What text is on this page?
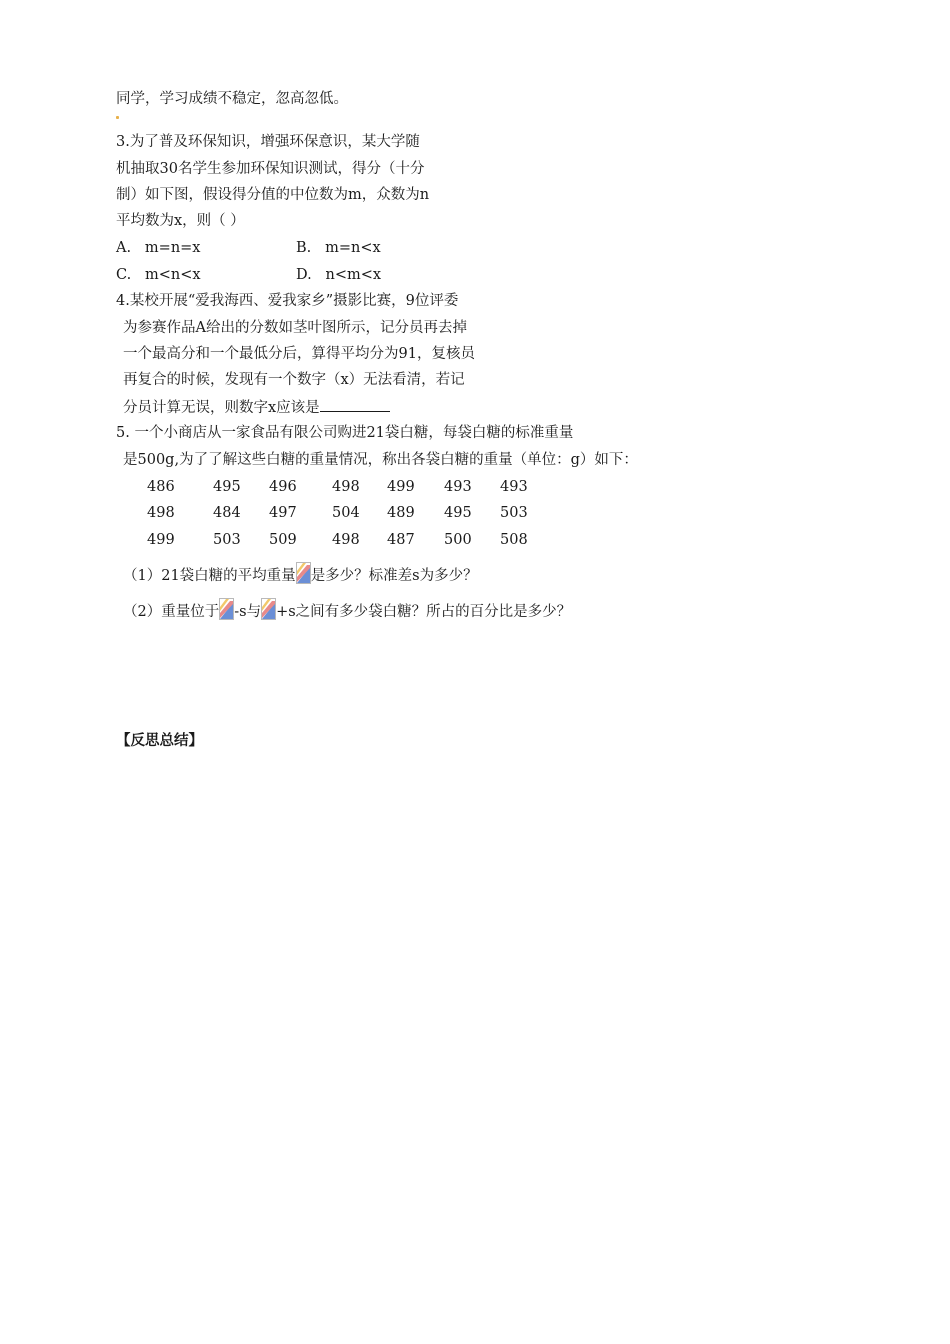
同学，学习成绩不稳定，忽高忽低。
3.为了普及环保知识，增强环保意识，某大学随
机抽取30名学生参加环保知识测试，得分（十分
制）如下图，假设得分值的中位数为m，众数为n
平均数为x，则（ ）
A. m=n=x	B. m=n<x
C. m<n<x	D. n<m<x
4.某校开展“爱我海西、爱我家乡”摄影比赛，9位评委
为参赛作品A给出的分数如茎叶图所示，记分员再去掉
一个最高分和一个最低分后，算得平均分为91，复核员
再复合的时候，发现有一个数字（x）无法看清，若记
分员计算无误，则数字x应该是
5. 一个小商店从一家食品有限公司购进21袋白糖，每袋白糖的标准重量
是500g,为了了解这些白糖的重量情况，称出各袋白糖的重量（单位：g）如下：
486	495 496 498 499 493 493
498	484 497 504 489 495 503
499	503 509 498 487 500 508
（1）21袋白糖的平均重量 是多少？标准差s为多少？
（2）重量位于 -s与 +s之间有多少袋白糖？所占的百分比是多少？
【反思总结】
